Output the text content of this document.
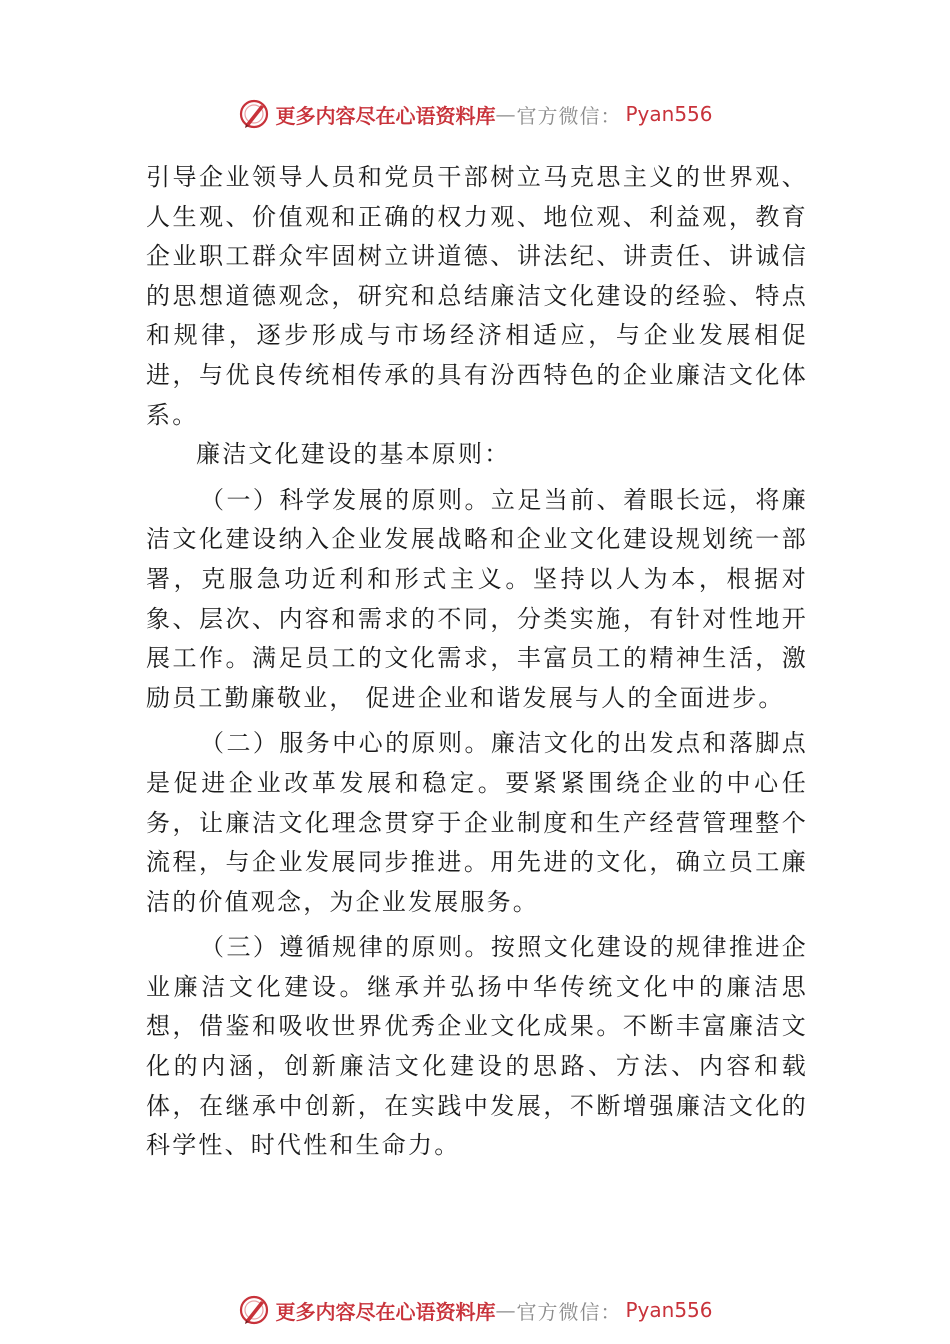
更多内容尽在心语资料库 — 官方微信： Pyan556

引导企业领导人员和党员干部树立马克思主义的世界观、人生观、价值观和正确的权力观、地位观、利益观，教育企业职工群众牢固树立讲道德、讲法纪、讲责任、讲诚信的思想道德观念，研究和总结廉洁文化建设的经验、特点和规律，逐步形成与市场经济相适应，与企业发展相促进，与优良传统相传承的具有汾西特色的企业廉洁文化体系。

廉洁文化建设的基本原则：

（一）科学发展的原则。立足当前、着眼长远，将廉洁文化建设纳入企业发展战略和企业文化建设规划统一部署，克服急功近利和形式主义。坚持以人为本，根据对象、层次、内容和需求的不同，分类实施，有针对性地开展工作。满足员工的文化需求，丰富员工的精神生活，激励员工勤廉敬业， 促进企业和谐发展与人的全面进步。

（二）服务中心的原则。廉洁文化的出发点和落脚点是促进企业改革发展和稳定。要紧紧围绕企业的中心任务，让廉洁文化理念贯穿于企业制度和生产经营管理整个流程，与企业发展同步推进。用先进的文化，确立员工廉洁的价值观念，为企业发展服务。

（三）遵循规律的原则。按照文化建设的规律推进企业廉洁文化建设。继承并弘扬中华传统文化中的廉洁思想，借鉴和吸收世界优秀企业文化成果。不断丰富廉洁文化的内涵，创新廉洁文化建设的思路、方法、内容和载体，在继承中创新，在实践中发展，不断增强廉洁文化的科学性、时代性和生命力。

更多内容尽在心语资料库 — 官方微信： Pyan556
